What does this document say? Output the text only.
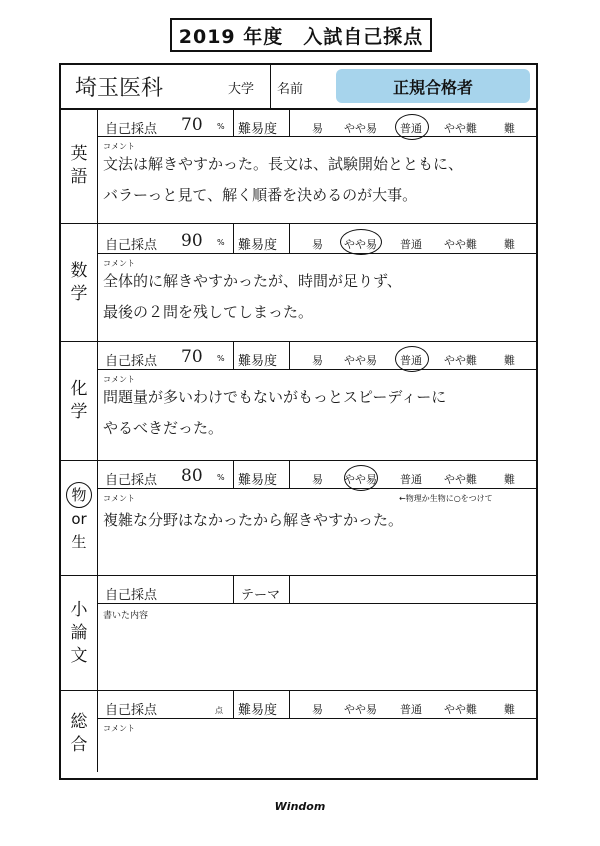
2019 年度　入試自己採点
埼玉医科	大学 名前	正規合格者
英
語
自己採点 70 % 難易度	易 やや易 普通 やや難 難
コメント
文法は解きやすかった。長文は、試験開始とともに、
バラーっと見て、解く順番を決めるのが大事。
数
学
自己採点 90 % 難易度	易 やや易 普通 やや難 難
コメント
全体的に解きやすかったが、時間が足りず、
最後の２問を残してしまった。
化
学
自己採点 70 % 難易度	易 やや易 普通 やや難 難
コメント
問題量が多いわけでもないがもっとスピーディーに
やるべきだった。
物
or
生
自己採点 80 % 難易度	易 やや易 普通 やや難 難
コメント	←物理か生物に○をつけて
複雑な分野はなかったから解きやすかった。
小
論
文
自己採点	テーマ
書いた内容
総
合
自己採点	点 難易度	易 やや易 普通 やや難 難
コメント
Windom
